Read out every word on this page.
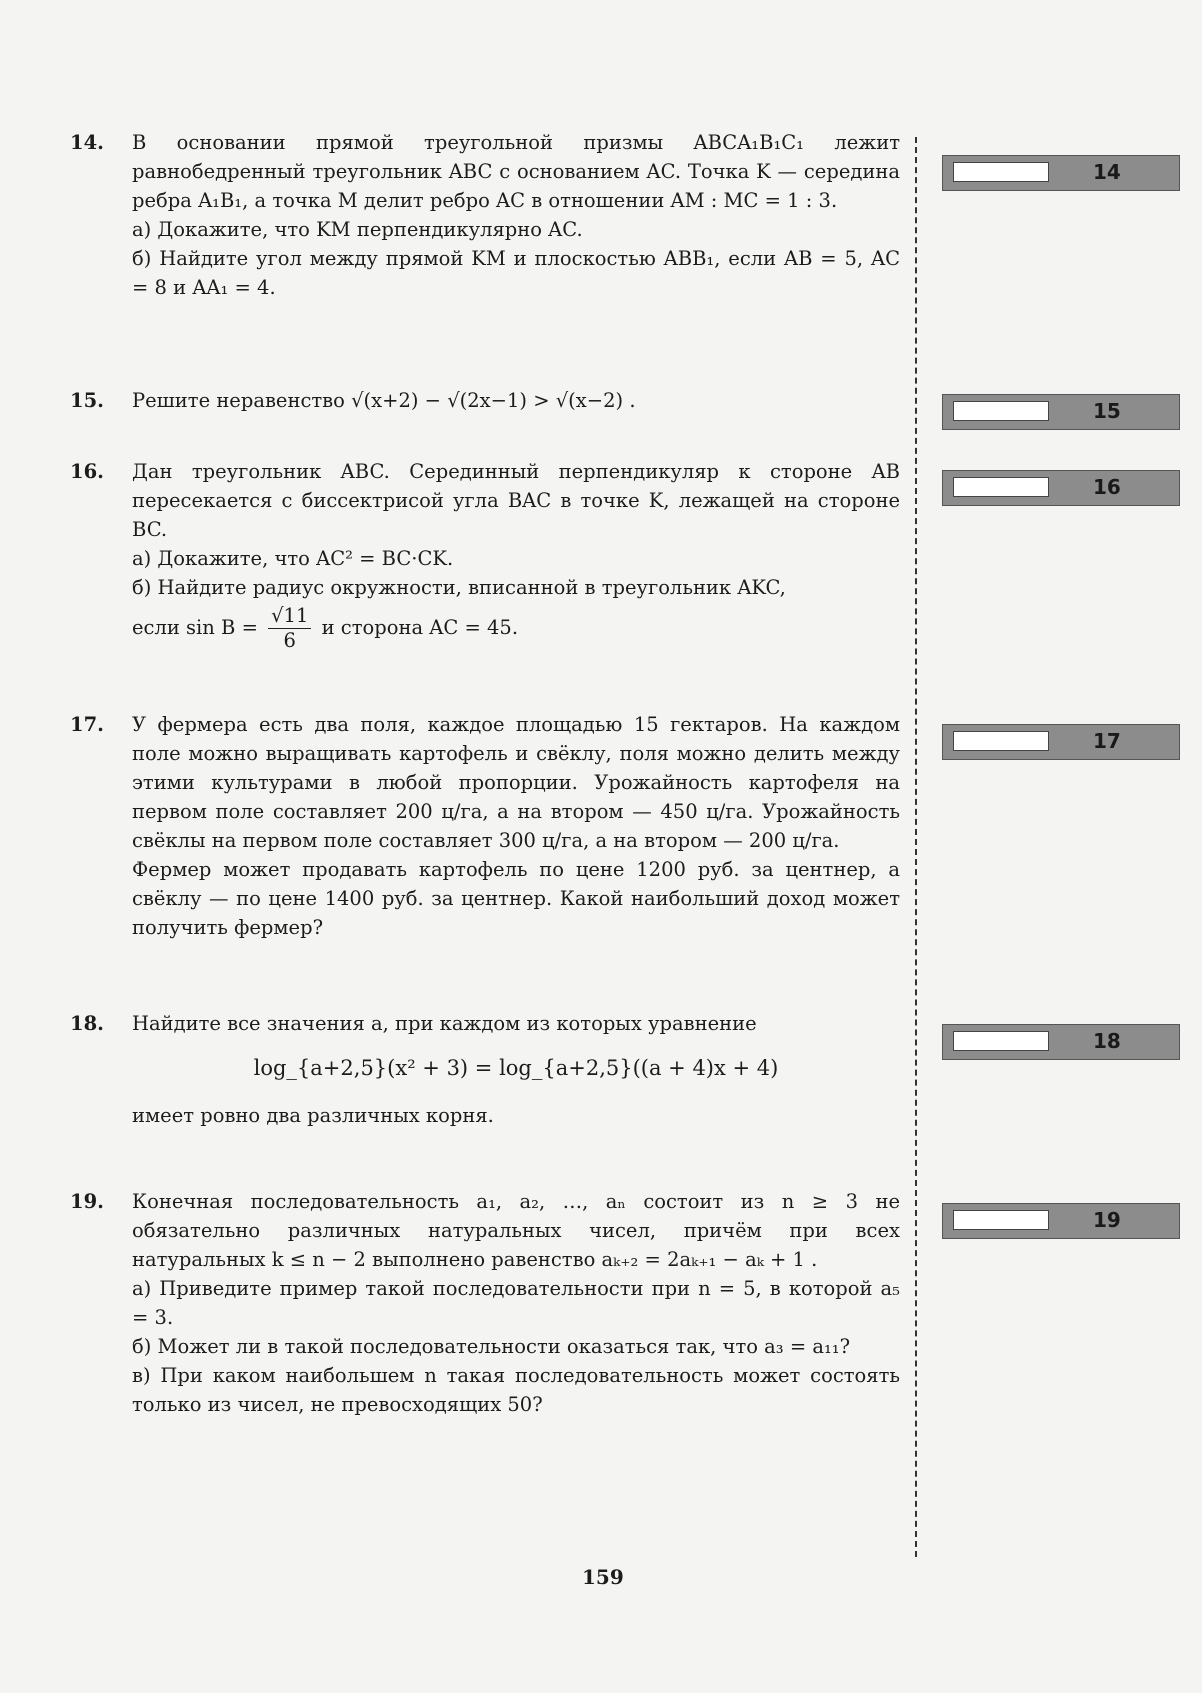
14. В основании прямой треугольной призмы ABCA₁B₁C₁ лежит равнобедренный треугольник ABC с основанием AC. Точка K — середина ребра A₁B₁, а точка M делит ребро AC в отношении AM : MC = 1 : 3.

а) Докажите, что KM перпендикулярно AC.

б) Найдите угол между прямой KM и плоскостью ABB₁, если AB = 5, AC = 8 и AA₁ = 4.

15. Решите неравенство √(x+2) − √(2x−1) > √(x−2) .

16. Дан треугольник ABC. Серединный перпендикуляр к стороне AB пересекается с биссектрисой угла BAC в точке K, лежащей на стороне BC.

а) Докажите, что AC² = BC·CK.

б) Найдите радиус окружности, вписанной в треугольник AKC,

если $\sin B = \frac{√11}{6}$ и сторона AC = 45.

17. У фермера есть два поля, каждое площадью 15 гектаров. На каждом поле можно выращивать картофель и свёклу, поля можно делить между этими культурами в любой пропорции. Урожайность картофеля на первом поле составляет 200 ц/га, а на втором — 450 ц/га. Урожайность свёклы на первом поле составляет 300 ц/га, а на втором — 200 ц/га.

Фермер может продавать картофель по цене 1200 руб. за центнер, а свёклу — по цене 1400 руб. за центнер. Какой наибольший доход может получить фермер?

18. Найдите все значения a, при каждом из которых уравнение

log_{a+2,5}(x² + 3) = log_{a+2,5}((a + 4)x + 4)

имеет ровно два различных корня.

19. Конечная последовательность a₁, a₂, …, aₙ состоит из n ≥ 3 не обязательно различных натуральных чисел, причём при всех натуральных k ≤ n − 2 выполнено равенство aₖ₊₂ = 2aₖ₊₁ − aₖ + 1 .

а) Приведите пример такой последовательности при n = 5, в которой a₅ = 3.

б) Может ли в такой последовательности оказаться так, что a₃ = a₁₁?

в) При каком наибольшем n такая последовательность может состоять только из чисел, не превосходящих 50?

14
15
16
17
18
19
159
